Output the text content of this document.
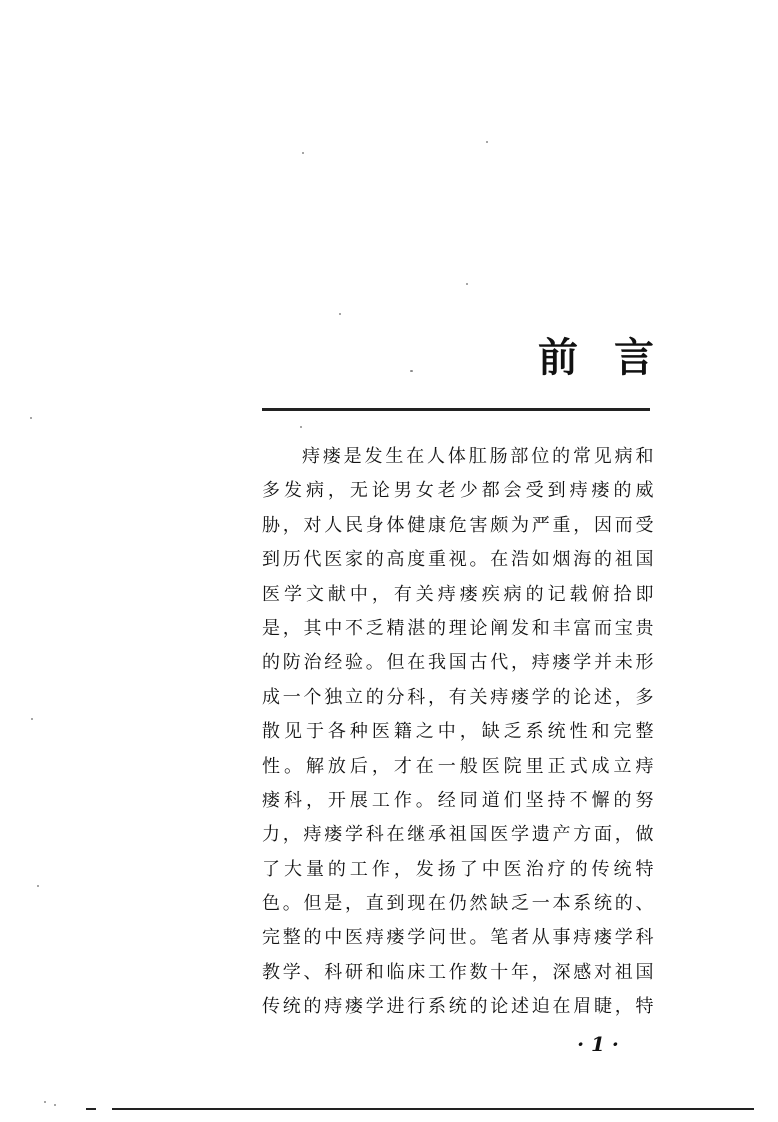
前 言
痔瘘是发生在人体肛肠部位的常见病和
多发病，无论男女老少都会受到痔瘘的威
胁，对人民身体健康危害颇为严重，因而受
到历代医家的高度重视。在浩如烟海的祖国
医学文献中，有关痔瘘疾病的记载俯拾即
是，其中不乏精湛的理论阐发和丰富而宝贵
的防治经验。但在我国古代，痔瘘学并未形
成一个独立的分科，有关痔瘘学的论述，多
散见于各种医籍之中，缺乏系统性和完整
性。解放后，才在一般医院里正式成立痔
瘘科，开展工作。经同道们坚持不懈的努
力，痔瘘学科在继承祖国医学遗产方面，做
了大量的工作，发扬了中医治疗的传统特
色。但是，直到现在仍然缺乏一本系统的、
完整的中医痔瘘学问世。笔者从事痔瘘学科
教学、科研和临床工作数十年，深感对祖国
传统的痔瘘学进行系统的论述迫在眉睫，特
· 1 ·
